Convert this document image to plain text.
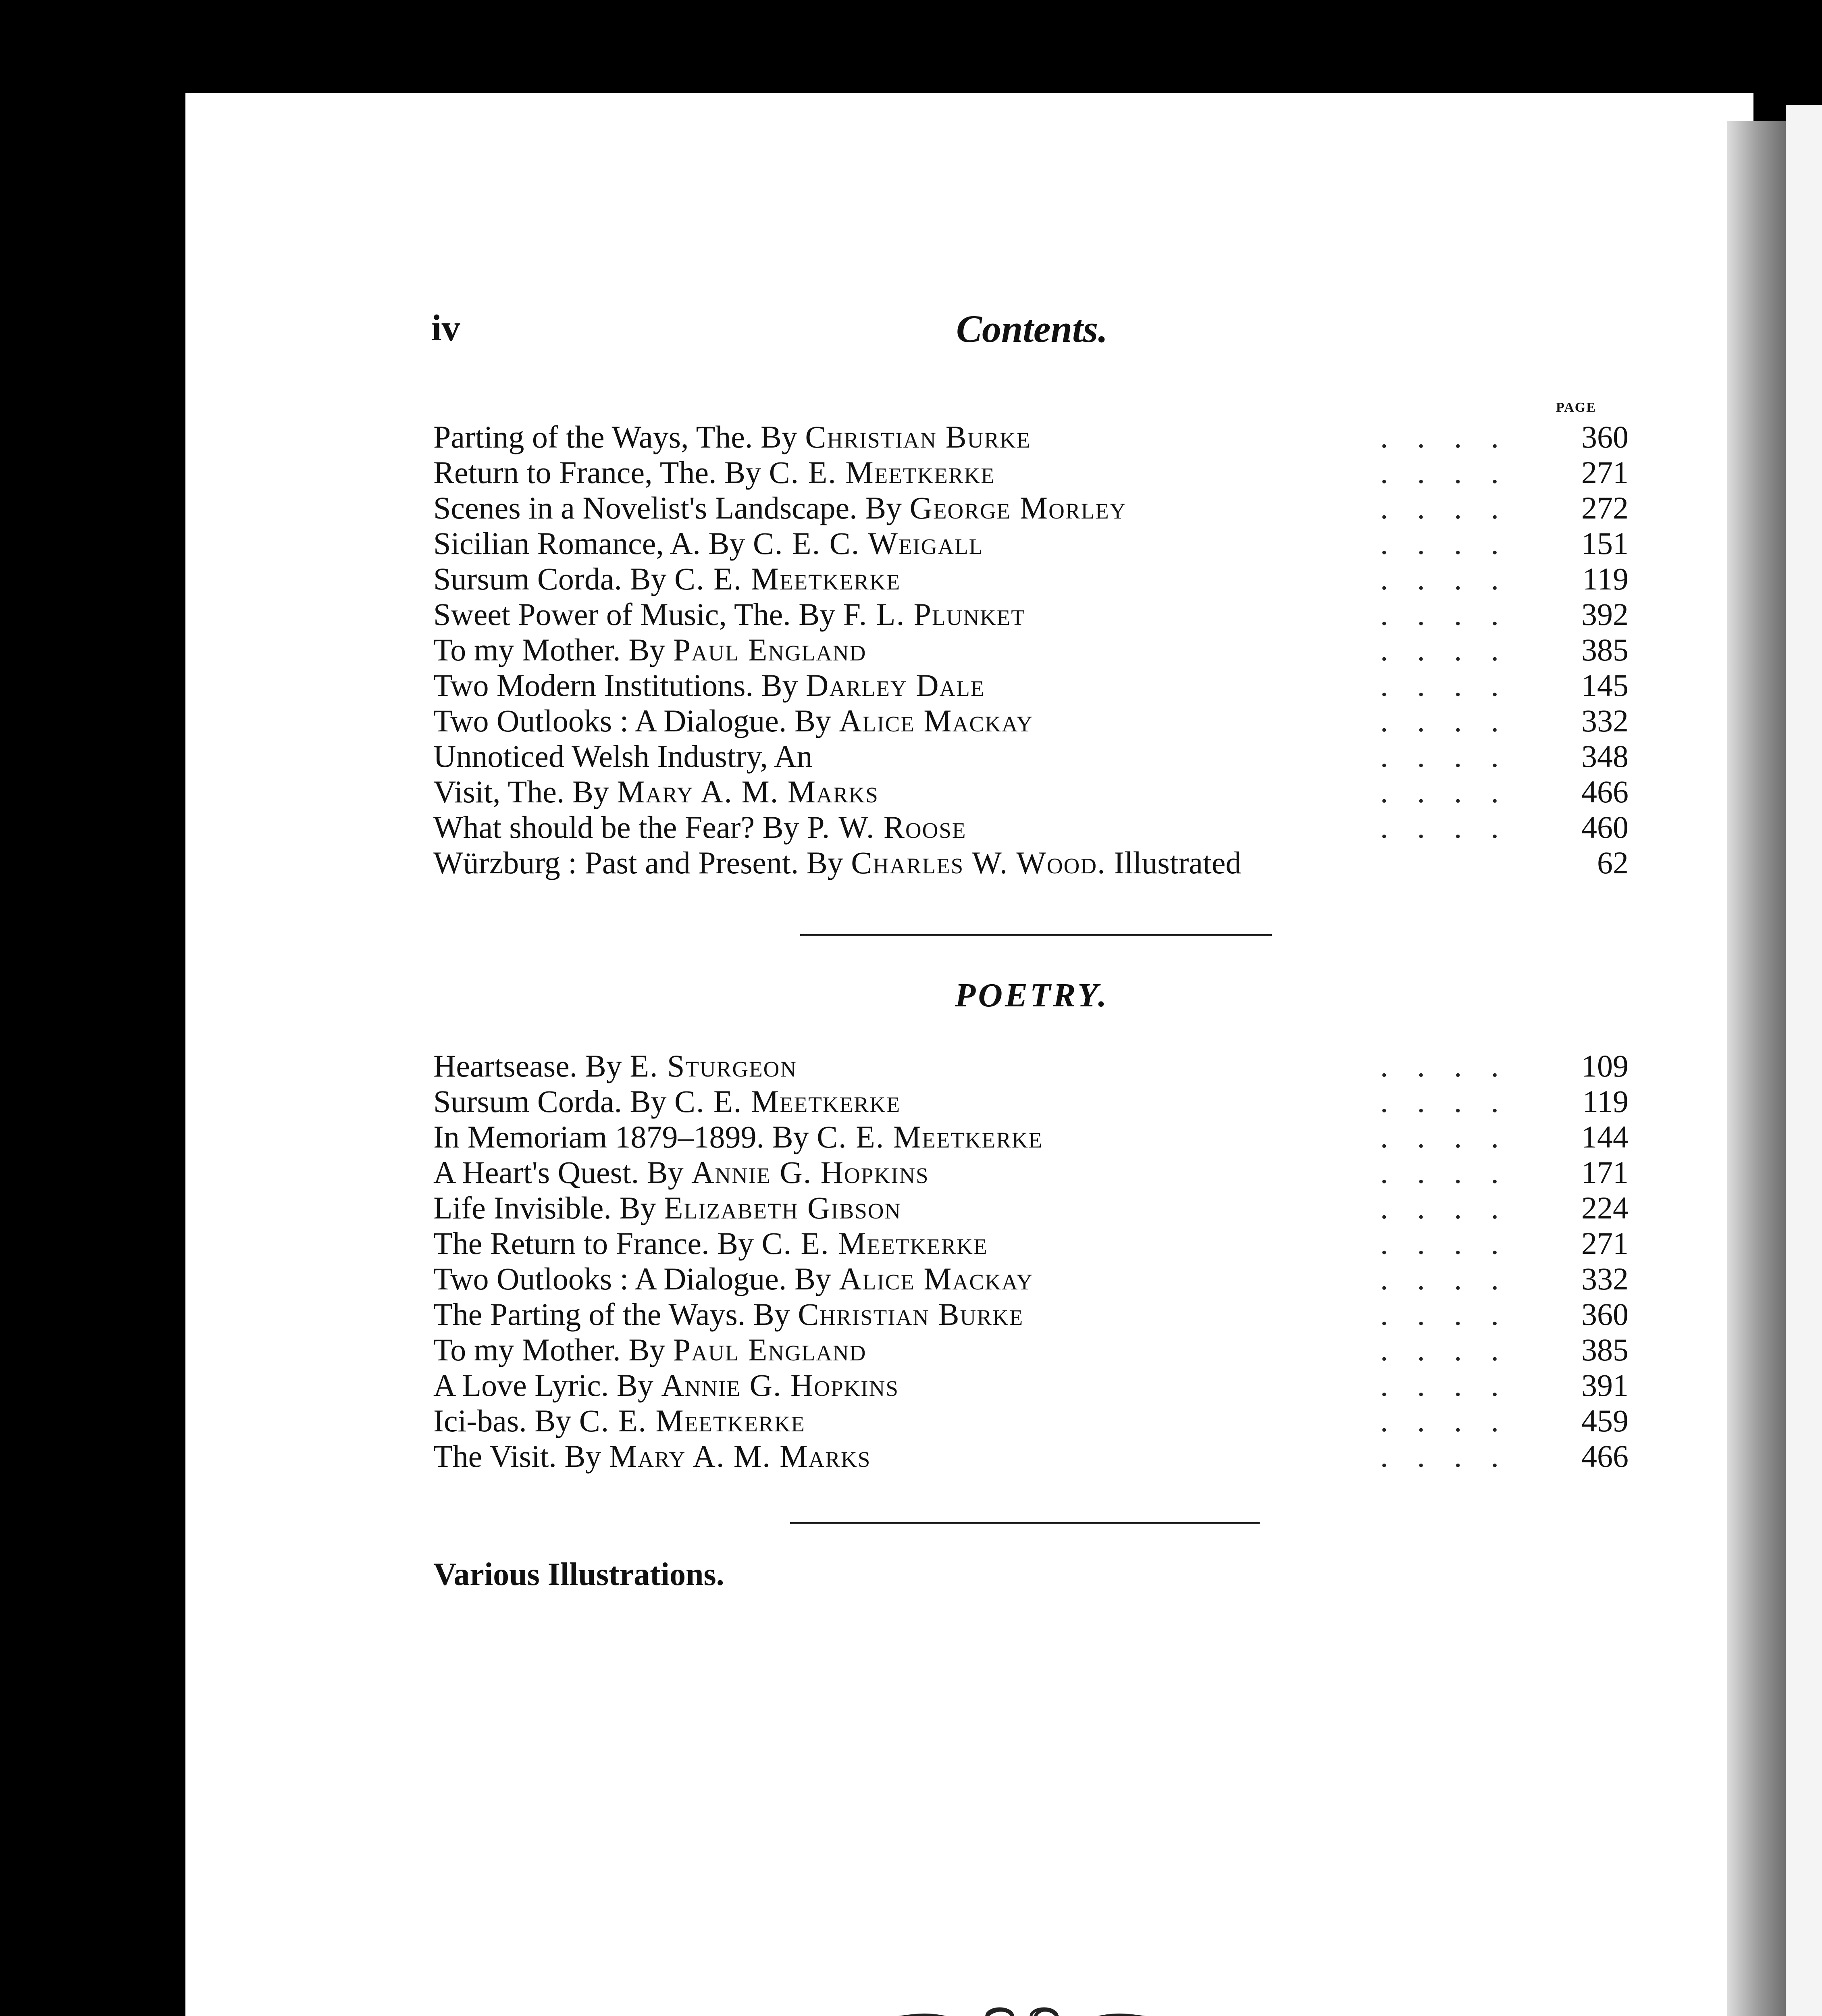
iv	Contents.
PAGE
Parting of the Ways, The. By Christian Burke	....	360
Return to France, The. By C. E. Meetkerke	....	271
Scenes in a Novelist's Landscape. By George Morley	....	272
Sicilian Romance, A. By C. E. C. Weigall	....	151
Sursum Corda. By C. E. Meetkerke	....	119
Sweet Power of Music, The. By F. L. Plunket	....	392
To my Mother. By Paul England	....	385
Two Modern Institutions. By Darley Dale	....	145
Two Outlooks : A Dialogue. By Alice Mackay	....	332
Unnoticed Welsh Industry, An	....	348
Visit, The. By Mary A. M. Marks	....	466
What should be the Fear? By P. W. Roose	....	460
Würzburg : Past and Present. By Charles W. Wood. Illustrated	62
POETRY.
Heartsease. By E. Sturgeon	....	109
Sursum Corda. By C. E. Meetkerke	....	119
In Memoriam 1879–1899. By C. E. Meetkerke	....	144
A Heart's Quest. By Annie G. Hopkins	....	171
Life Invisible. By Elizabeth Gibson	....	224
The Return to France. By C. E. Meetkerke	....	271
Two Outlooks : A Dialogue. By Alice Mackay	....	332
The Parting of the Ways. By Christian Burke	....	360
To my Mother. By Paul England	....	385
A Love Lyric. By Annie G. Hopkins	....	391
Ici-bas. By C. E. Meetkerke	....	459
The Visit. By Mary A. M. Marks	....	466
Various Illustrations.
